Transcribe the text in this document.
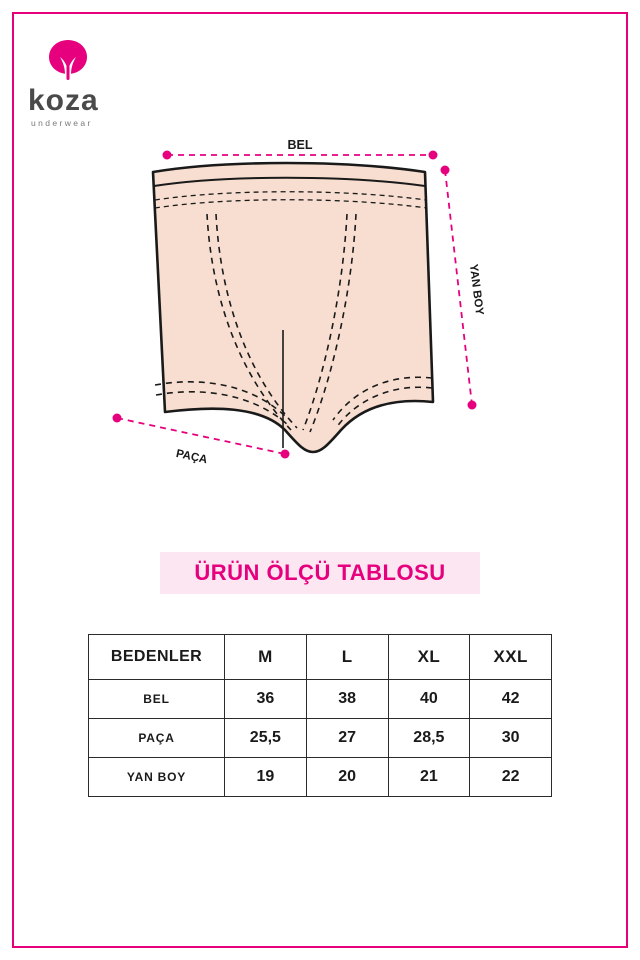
koza
underwear
BEL
YAN BOY
PAÇA
ÜRÜN ÖLÇÜ TABLOSU
BEDENLER	M	L	XL	XXL
BEL	36	38	40	42
PAÇA	25,5	27	28,5	30
YAN BOY	19	20	21	22
